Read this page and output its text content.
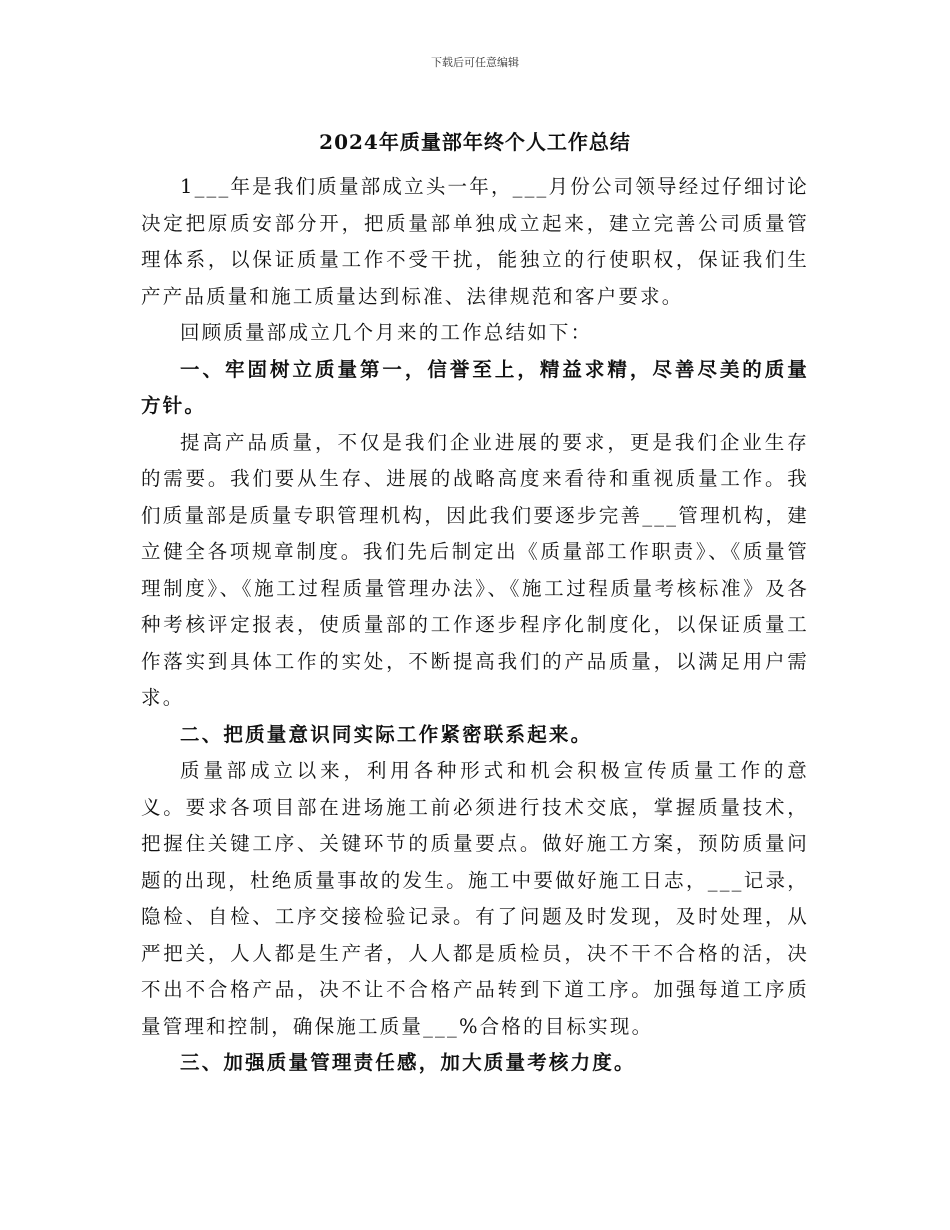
下载后可任意编辑
2024年质量部年终个人工作总结

1___年是我们质量部成立头一年，___月份公司领导经过仔细讨论决定把原质安部分开，把质量部单独成立起来，建立完善公司质量管理体系，以保证质量工作不受干扰，能独立的行使职权，保证我们生产产品质量和施工质量达到标准、法律规范和客户要求。

回顾质量部成立几个月来的工作总结如下：

一、牢固树立质量第一，信誉至上，精益求精，尽善尽美的质量方针。

提高产品质量，不仅是我们企业进展的要求，更是我们企业生存的需要。我们要从生存、进展的战略高度来看待和重视质量工作。我们质量部是质量专职管理机构，因此我们要逐步完善___管理机构，建立健全各项规章制度。我们先后制定出《质量部工作职责》、《质量管理制度》、《施工过程质量管理办法》、《施工过程质量考核标准》及各种考核评定报表，使质量部的工作逐步程序化制度化，以保证质量工作落实到具体工作的实处，不断提高我们的产品质量，以满足用户需求。

二、把质量意识同实际工作紧密联系起来。

质量部成立以来，利用各种形式和机会积极宣传质量工作的意义。要求各项目部在进场施工前必须进行技术交底，掌握质量技术，把握住关键工序、关键环节的质量要点。做好施工方案，预防质量问题的出现，杜绝质量事故的发生。施工中要做好施工日志，___记录，隐检、自检、工序交接检验记录。有了问题及时发现，及时处理，从严把关，人人都是生产者，人人都是质检员，决不干不合格的活，决不出不合格产品，决不让不合格产品转到下道工序。加强每道工序质量管理和控制，确保施工质量___%合格的目标实现。

三、加强质量管理责任感，加大质量考核力度。
